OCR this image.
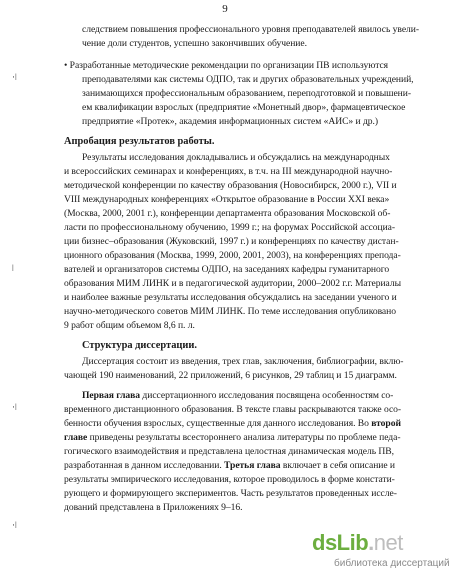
9
·ǀ
ǀ
·ǀ
·ǀ
следствием повышения профессионального уровня преподавателей явилось увели-
чение доли студентов, успешно закончивших обучение.
• Разработанные методические рекомендации по организации ПВ используются
преподавателями как системы ОДПО, так и других образовательных учреждений,
занимающихся профессиональным образованием, переподготовкой и повышени-
ем квалификации взрослых (предприятие «Монетный двор», фармацевтическое
предприятие «Протек», академия информационных систем «АИС» и др.)
Апробация результатов работы.
Результаты исследования докладывались и обсуждались на международных
и всероссийских семинарах и конференциях, в т.ч. на III международной научно-
методической конференции по качеству образования (Новосибирск, 2000 г.), VII и
VIII международных конференциях «Открытое образование в России XXI века»
(Москва, 2000, 2001 г.), конференции департамента образования Московской об-
ласти по профессиональному обучению, 1999 г.; на форумах Российской ассоциа-
ции бизнес–образования (Жуковский, 1997 г.) и конференциях по качеству дистан-
ционного образования (Москва, 1999, 2000, 2001, 2003), на конференциях препода-
вателей и организаторов системы ОДПО, на заседаниях кафедры гуманитарного
образования МИМ ЛИНК и в педагогической аудитории, 2000–2002 г.г. Материалы
и наиболее важные результаты исследования обсуждались на заседании ученого и
научно-методического советов МИМ ЛИНК. По теме исследования опубликовано
9 работ общим объемом 8,6 п. л.
Структура диссертации.
Диссертация состоит из введения, трех глав, заключения, библиографии, вклю-
чающей 190 наименований, 22 приложений, 6 рисунков, 29 таблиц и 15 диаграмм.
Первая глава диссертационного исследования посвящена особенностям со-
временного дистанционного образования. В тексте главы раскрываются также осо-
бенности обучения взрослых, существенные для данного исследования. Во второй
главе приведены результаты всестороннего анализа литературы по проблеме педа-
гогического взаимодействия и представлена целостная динамическая модель ПВ,
разработанная в данном исследовании. Третья глава включает в себя описание и
результаты эмпирического исследования, которое проводилось в форме констати-
рующего и формирующего экспериментов. Часть результатов проведенных иссле-
дований представлена в Приложениях 9–16.
dsLib.net
библиотека диссертаций
